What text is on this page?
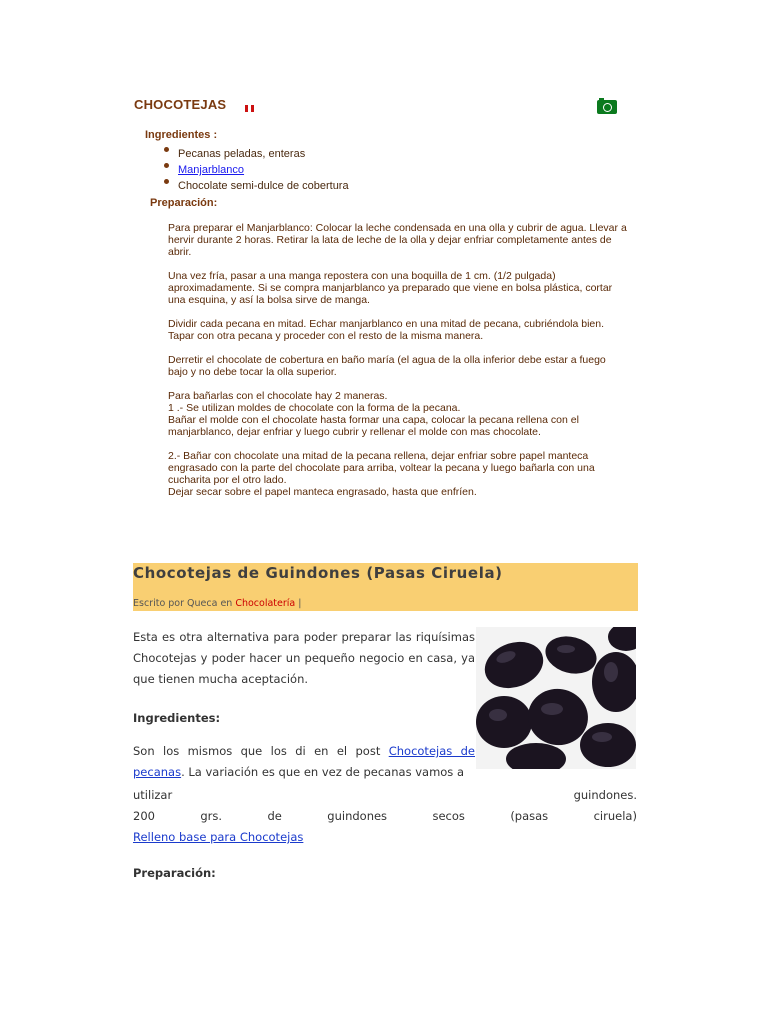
CHOCOTEJAS
Ingredientes :
Pecanas peladas, enteras
Manjarblanco
Chocolate semi-dulce de cobertura
Preparación:

Para preparar el Manjarblanco: Colocar la leche condensada en una olla y cubrir de agua. Llevar a hervir durante 2 horas. Retirar la lata de leche de la olla y dejar enfriar completamente antes de abrir.

Una vez fría, pasar a una manga repostera con una boquilla de 1 cm. (1/2 pulgada) aproximadamente. Si se compra manjarblanco ya preparado que viene en bolsa plástica, cortar una esquina, y así la bolsa sirve de manga.

Dividir cada pecana en mitad. Echar manjarblanco en una mitad de pecana, cubriéndola bien. Tapar con otra pecana y proceder con el resto de la misma manera.

Derretir el chocolate de cobertura en baño maría (el agua de la olla inferior debe estar a fuego bajo y no debe tocar la olla superior.

Para bañarlas con el chocolate hay 2 maneras.
1 .- Se utilizan moldes de chocolate con la forma de la pecana.
Bañar el molde con el chocolate hasta formar una capa, colocar la pecana rellena con el manjarblanco, dejar enfriar y luego cubrir y rellenar el molde con mas chocolate.

2.- Bañar con chocolate una mitad de la pecana rellena, dejar enfriar sobre papel manteca engrasado con la parte del chocolate para arriba, voltear la pecana y luego bañarla con una cucharita por el otro lado.
Dejar secar sobre el papel manteca engrasado, hasta que enfríen.

Chocotejas de Guindones (Pasas Ciruela)
Escrito por Queca en Chocolatería |
Esta es otra alternativa para poder preparar las riquísimas Chocotejas y poder hacer un pequeño negocio en casa, ya que tienen mucha aceptación.
Ingredientes:
Son los mismos que los di en el post Chocotejas de pecanas. La variación es que en vez de pecanas vamos a
utilizar	guindones.
200	grs.	de	guindones	secos	(pasas	ciruela)
Relleno base para Chocotejas
Preparación:
